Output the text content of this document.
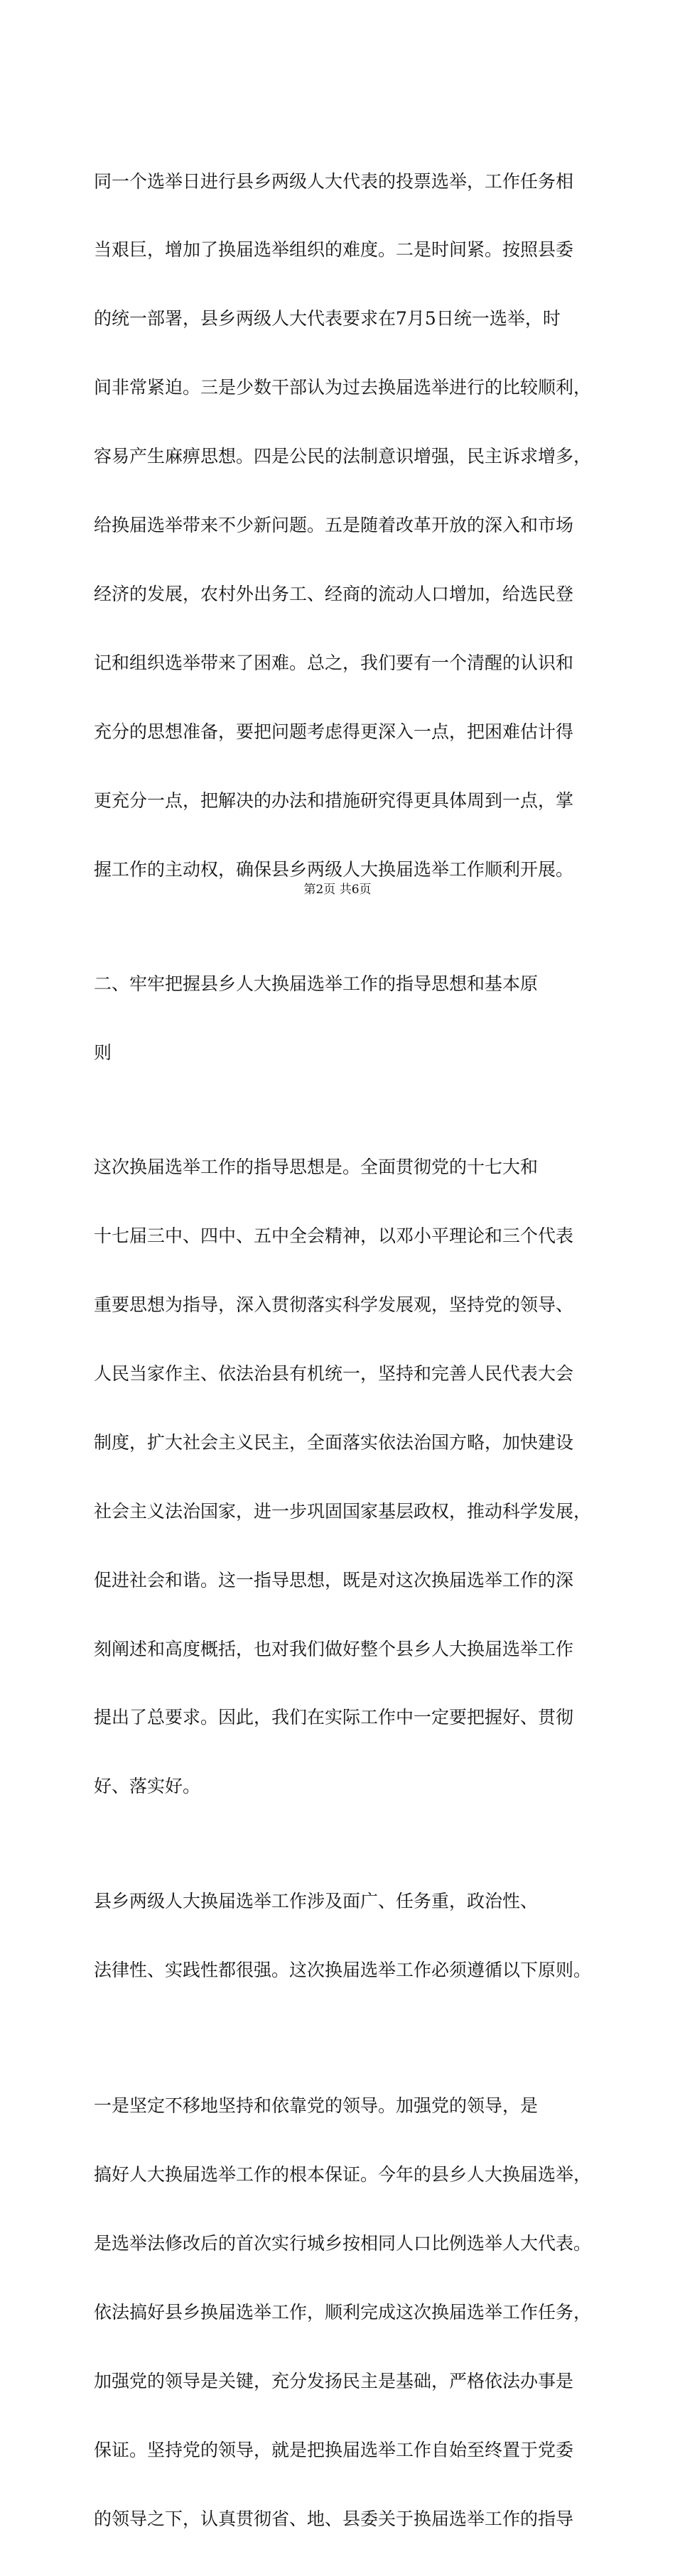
同一个选举日进行县乡两级人大代表的投票选举，工作任务相

当艰巨，增加了换届选举组织的难度。二是时间紧。按照县委

的统一部署，县乡两级人大代表要求在7月5日统一选举，时

间非常紧迫。三是少数干部认为过去换届选举进行的比较顺利，

容易产生麻痹思想。四是公民的法制意识增强，民主诉求增多，

给换届选举带来不少新问题。五是随着改革开放的深入和市场

经济的发展，农村外出务工、经商的流动人口增加，给选民登

记和组织选举带来了困难。总之，我们要有一个清醒的认识和

充分的思想准备，要把问题考虑得更深入一点，把困难估计得

更充分一点，把解决的办法和措施研究得更具体周到一点，掌

握工作的主动权，确保县乡两级人大换届选举工作顺利开展。

二、牢牢把握县乡人大换届选举工作的指导思想和基本原

则

这次换届选举工作的指导思想是。全面贯彻党的十七大和

十七届三中、四中、五中全会精神，以邓小平理论和三个代表

重要思想为指导，深入贯彻落实科学发展观，坚持党的领导、

人民当家作主、依法治县有机统一，坚持和完善人民代表大会

制度，扩大社会主义民主，全面落实依法治国方略，加快建设

社会主义法治国家，进一步巩固国家基层政权，推动科学发展，

促进社会和谐。这一指导思想，既是对这次换届选举工作的深

刻阐述和高度概括，也对我们做好整个县乡人大换届选举工作

提出了总要求。因此，我们在实际工作中一定要把握好、贯彻

好、落实好。

县乡两级人大换届选举工作涉及面广、任务重，政治性、

法律性、实践性都很强。这次换届选举工作必须遵循以下原则。

一是坚定不移地坚持和依靠党的领导。加强党的领导，是

搞好人大换届选举工作的根本保证。今年的县乡人大换届选举，

是选举法修改后的首次实行城乡按相同人口比例选举人大代表。

依法搞好县乡换届选举工作，顺利完成这次换届选举工作任务，

加强党的领导是关键，充分发扬民主是基础，严格依法办事是

保证。坚持党的领导，就是把换届选举工作自始至终置于党委

的领导之下，认真贯彻省、地、县委关于换届选举工作的指导

第2页 共6页
